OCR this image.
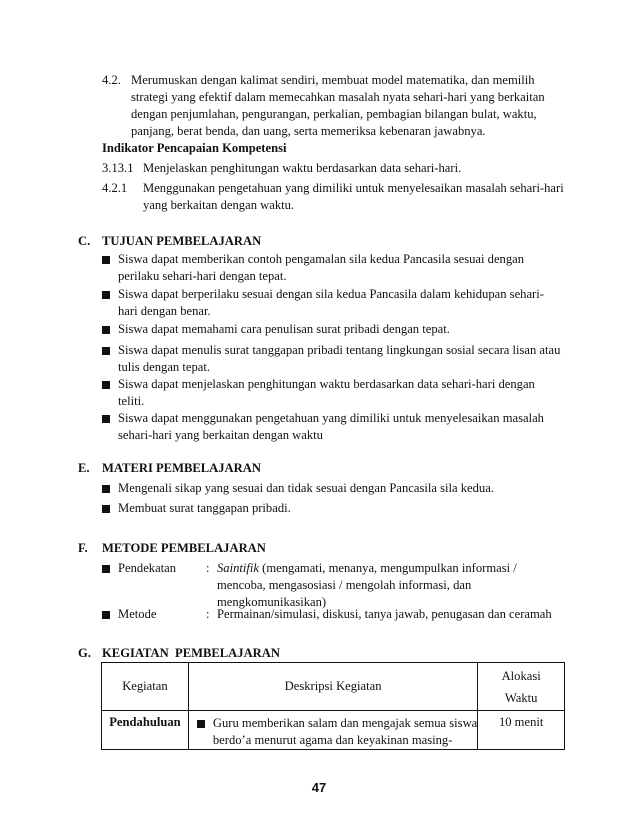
4.2. Merumuskan dengan kalimat sendiri, membuat model matematika, dan memilih
strategi yang efektif dalam memecahkan masalah nyata sehari-hari yang berkaitan
dengan penjumlahan, pengurangan, perkalian, pembagian bilangan bulat, waktu,
panjang, berat benda, dan uang, serta memeriksa kebenaran jawabnya.
Indikator Pencapaian Kompetensi
3.13.1 Menjelaskan penghitungan waktu berdasarkan data sehari-hari.
4.2.1 Menggunakan pengetahuan yang dimiliki untuk menyelesaikan masalah sehari-hari
yang berkaitan dengan waktu.
C. TUJUAN PEMBELAJARAN
Siswa dapat memberikan contoh pengamalan sila kedua Pancasila sesuai dengan
perilaku sehari-hari dengan tepat.
Siswa dapat berperilaku sesuai dengan sila kedua Pancasila dalam kehidupan sehari-
hari dengan benar.
Siswa dapat memahami cara penulisan surat pribadi dengan tepat.
Siswa dapat menulis surat tanggapan pribadi tentang lingkungan sosial secara lisan atau
tulis dengan tepat.
Siswa dapat menjelaskan penghitungan waktu berdasarkan data sehari-hari dengan
teliti.
Siswa dapat menggunakan pengetahuan yang dimiliki untuk menyelesaikan masalah
sehari-hari yang berkaitan dengan waktu
E. MATERI PEMBELAJARAN
Mengenali sikap yang sesuai dan tidak sesuai dengan Pancasila sila kedua.
Membuat surat tanggapan pribadi.
F. METODE PEMBELAJARAN
Pendekatan : Saintifik (mengamati, menanya, mengumpulkan informasi /
mencoba, mengasosiasi / mengolah informasi, dan
mengkomunikasikan)
Metode	: Permainan/simulasi, diskusi, tanya jawab, penugasan dan ceramah
G. KEGIATAN  PEMBELAJARAN
Kegiatan	Deskripsi Kegiatan	Alokasi
Waktu

Pendahuluan	Guru memberikan salam dan mengajak semua siswa
berdo’a menurut agama dan keyakinan masing-	10 menit
47
